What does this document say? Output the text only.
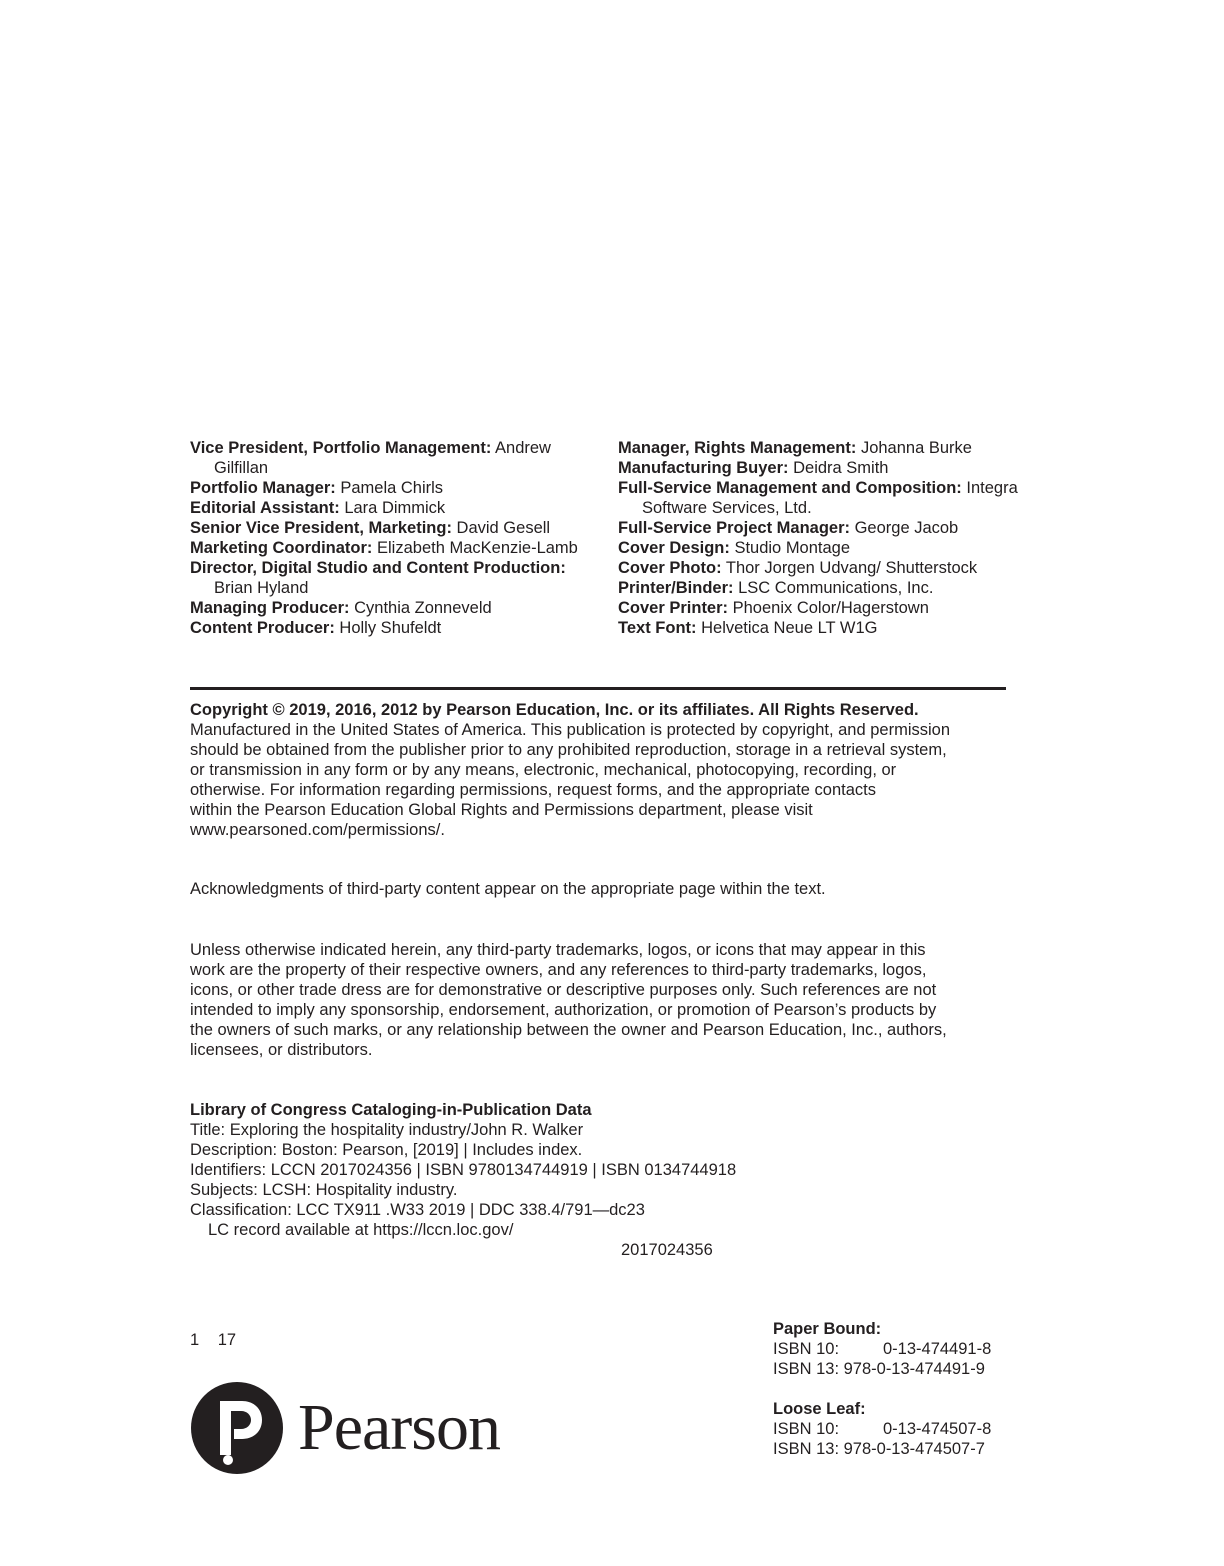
Vice President, Portfolio Management: Andrew Gilfillan

Portfolio Manager: Pamela Chirls

Editorial Assistant: Lara Dimmick

Senior Vice President, Marketing: David Gesell

Marketing Coordinator: Elizabeth MacKenzie-Lamb

Director, Digital Studio and Content Production: Brian Hyland

Managing Producer: Cynthia Zonneveld

Content Producer: Holly Shufeldt

Manager, Rights Management: Johanna Burke

Manufacturing Buyer: Deidra Smith

Full-Service Management and Composition: Integra Software Services, Ltd.

Full-Service Project Manager: George Jacob

Cover Design: Studio Montage

Cover Photo: Thor Jorgen Udvang/ Shutterstock

Printer/Binder: LSC Communications, Inc.

Cover Printer: Phoenix Color/Hagerstown

Text Font: Helvetica Neue LT W1G

Copyright © 2019, 2016, 2012 by Pearson Education, Inc. or its affiliates. All Rights Reserved.
Manufactured in the United States of America. This publication is protected by copyright, and permission
should be obtained from the publisher prior to any prohibited reproduction, storage in a retrieval system,
or transmission in any form or by any means, electronic, mechanical, photocopying, recording, or
otherwise. For information regarding permissions, request forms, and the appropriate contacts
within the Pearson Education Global Rights and Permissions department, please visit
www.pearsoned.com/permissions/.
Acknowledgments of third-party content appear on the appropriate page within the text.
Unless otherwise indicated herein, any third-party trademarks, logos, or icons that may appear in this
work are the property of their respective owners, and any references to third-party trademarks, logos,
icons, or other trade dress are for demonstrative or descriptive purposes only. Such references are not
intended to imply any sponsorship, endorsement, authorization, or promotion of Pearson’s products by
the owners of such marks, or any relationship between the owner and Pearson Education, Inc., authors,
licensees, or distributors.
Library of Congress Cataloging-in-Publication Data
Title: Exploring the hospitality industry/John R. Walker
Description: Boston: Pearson, [2019] | Includes index.
Identifiers: LCCN 2017024356 | ISBN 9780134744919 | ISBN 0134744918
Subjects: LCSH: Hospitality industry.
Classification: LCC TX911 .W33 2019 | DDC 338.4/791—dc23
LC record available at https://lccn.loc.gov/
2017024356
1 17
Paper Bound:
ISBN 10:	0-13-474491-8
ISBN 13: 978-0-13-474491-9
Loose Leaf:
ISBN 10:	0-13-474507-8
ISBN 13: 978-0-13-474507-7
Pearson
